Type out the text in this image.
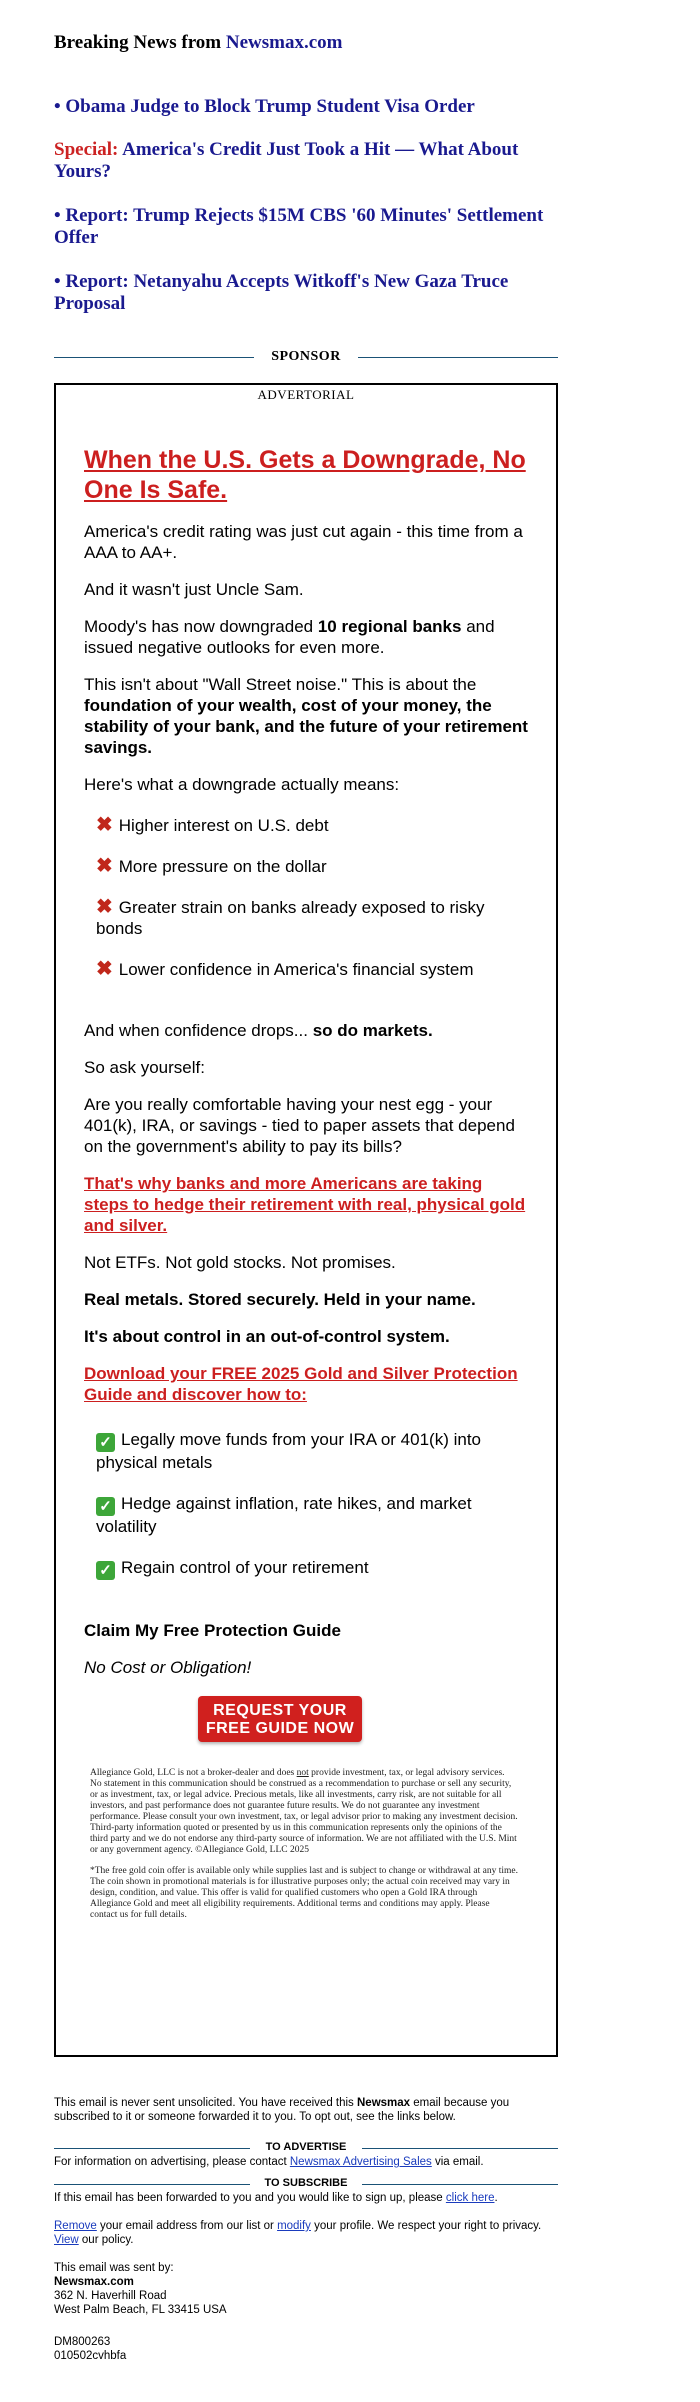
Breaking News from Newsmax.com
• Obama Judge to Block Trump Student Visa Order
Special: America's Credit Just Took a Hit — What About Yours?
• Report: Trump Rejects $15M CBS '60 Minutes' Settlement Offer
• Report: Netanyahu Accepts Witkoff's New Gaza Truce Proposal
SPONSOR
ADVERTORIAL
When the U.S. Gets a Downgrade, No One Is Safe.
America's credit rating was just cut again - this time from a AAA to AA+.
And it wasn't just Uncle Sam.
Moody's has now downgraded 10 regional banks and issued negative outlooks for even more.
This isn't about "Wall Street noise." This is about the foundation of your wealth, cost of your money, the stability of your bank, and the future of your retirement savings.
Here's what a downgrade actually means:
✖ Higher interest on U.S. debt
✖ More pressure on the dollar
✖ Greater strain on banks already exposed to risky bonds
✖ Lower confidence in America's financial system
And when confidence drops... so do markets.
So ask yourself:
Are you really comfortable having your nest egg - your 401(k), IRA, or savings - tied to paper assets that depend on the government's ability to pay its bills?
That's why banks and more Americans are taking steps to hedge their retirement with real, physical gold and silver.
Not ETFs. Not gold stocks. Not promises.
Real metals. Stored securely. Held in your name.
It's about control in an out-of-control system.
Download your FREE 2025 Gold and Silver Protection Guide and discover how to:
✓ Legally move funds from your IRA or 401(k) into physical metals
✓ Hedge against inflation, rate hikes, and market volatility
✓ Regain control of your retirement
Claim My Free Protection Guide
No Cost or Obligation!
REQUEST YOUR FREE GUIDE NOW
Allegiance Gold, LLC is not a broker-dealer and does not provide investment, tax, or legal advisory services. No statement in this communication should be construed as a recommendation to purchase or sell any security, or as investment, tax, or legal advice. Precious metals, like all investments, carry risk, are not suitable for all investors, and past performance does not guarantee future results. We do not guarantee any investment performance. Please consult your own investment, tax, or legal advisor prior to making any investment decision. Third-party information quoted or presented by us in this communication represents only the opinions of the third party and we do not endorse any third-party source of information. We are not affiliated with the U.S. Mint or any government agency. ©Allegiance Gold, LLC 2025
*The free gold coin offer is available only while supplies last and is subject to change or withdrawal at any time. The coin shown in promotional materials is for illustrative purposes only; the actual coin received may vary in design, condition, and value. This offer is valid for qualified customers who open a Gold IRA through Allegiance Gold and meet all eligibility requirements. Additional terms and conditions may apply. Please contact us for full details.
This email is never sent unsolicited. You have received this Newsmax email because you subscribed to it or someone forwarded it to you. To opt out, see the links below.
TO ADVERTISE
For information on advertising, please contact Newsmax Advertising Sales via email.
TO SUBSCRIBE
If this email has been forwarded to you and you would like to sign up, please click here.
Remove your email address from our list or modify your profile. We respect your right to privacy. View our policy.
This email was sent by:
Newsmax.com
362 N. Haverhill Road
West Palm Beach, FL 33415 USA
DM800263
010502cvhbfa
